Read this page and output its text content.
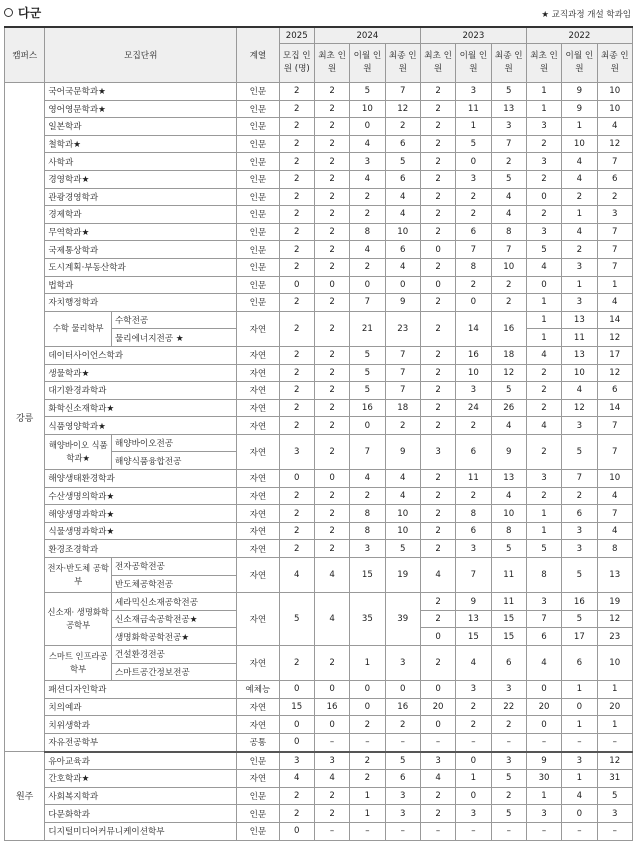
다군	★ 교직과정 개설 학과임
캠퍼스	모집단위		계열	2025	2024			2023			2022		
				모집 인원 (명)	최초 인원	이월 인원	최종 인원	최초 인원	이월 인원	최종 인원	최초 인원	이월 인원	최종 인원
강릉	국어국문학과★		인문	2	2	5	7	2	3	5	1	9	10
	영어영문학과★		인문	2	2	10	12	2	11	13	1	9	10
	일본학과		인문	2	2	0	2	2	1	3	3	1	4
	철학과★		인문	2	2	4	6	2	5	7	2	10	12
	사학과		인문	2	2	3	5	2	0	2	3	4	7
	경영학과★		인문	2	2	4	6	2	3	5	2	4	6
	관광경영학과		인문	2	2	2	4	2	2	4	0	2	2
	경제학과		인문	2	2	2	4	2	2	4	2	1	3
	무역학과★		인문	2	2	8	10	2	6	8	3	4	7
	국제통상학과		인문	2	2	4	6	0	7	7	5	2	7
	도시계획·부동산학과		인문	2	2	2	4	2	8	10	4	3	7
	법학과		인문	0	0	0	0	0	2	2	0	1	1
	자치행정학과		인문	2	2	7	9	2	0	2	1	3	4
	수학 물리학부	수학전공	자연	2	2	21	23	2	14	16	1	13	14
		물리에너지전공 ★									1	11	12
	데이터사이언스학과		자연	2	2	5	7	2	16	18	4	13	17
	생물학과★		자연	2	2	5	7	2	10	12	2	10	12
	대기환경과학과		자연	2	2	5	7	2	3	5	2	4	6
	화학신소재학과★		자연	2	2	16	18	2	24	26	2	12	14
	식품영양학과★		자연	2	2	0	2	2	2	4	4	3	7
	해양바이오 식품학과★	해양바이오전공	자연	3	2	7	9	3	6	9	2	5	7
		해양식품융합전공											
	해양생태환경학과		자연	0	0	4	4	2	11	13	3	7	10
	수산생명의학과★		자연	2	2	2	4	2	2	4	2	2	4
	해양생명과학과★		자연	2	2	8	10	2	8	10	1	6	7
	식물생명과학과★		자연	2	2	8	10	2	6	8	1	3	4
	환경조경학과		자연	2	2	3	5	2	3	5	5	3	8
	전자·반도체 공학부	전자공학전공	자연	4	4	15	19	4	7	11	8	5	13
		반도체공학전공											
	신소재· 생명화학 공학부	세라믹신소재공학전공	자연	5	4	35	39	2	9	11	3	16	19
		신소재금속공학전공★						2	13	15	7	5	12
		생명화학공학전공★						0	15	15	6	17	23
	스마트 인프라공학부	건설환경전공	자연	2	2	1	3	2	4	6	4	6	10
		스마트공간정보전공											
	패션디자인학과		예체능	0	0	0	0	0	3	3	0	1	1
	치의예과		자연	15	16	0	16	20	2	22	20	0	20
	치위생학과		자연	0	0	2	2	0	2	2	0	1	1
	자유전공학부		공통	0	–	–	–	–	–	–	–	–	–
원주	유아교육과		인문	3	3	2	5	3	0	3	9	3	12
	간호학과★		자연	4	4	2	6	4	1	5	30	1	31
	사회복지학과		인문	2	2	1	3	2	0	2	1	4	5
	다문화학과		인문	2	2	1	3	2	3	5	3	0	3
	디지털미디어커뮤니케이션학부		인문	0	–	–	–	–	–	–	–	–	–
